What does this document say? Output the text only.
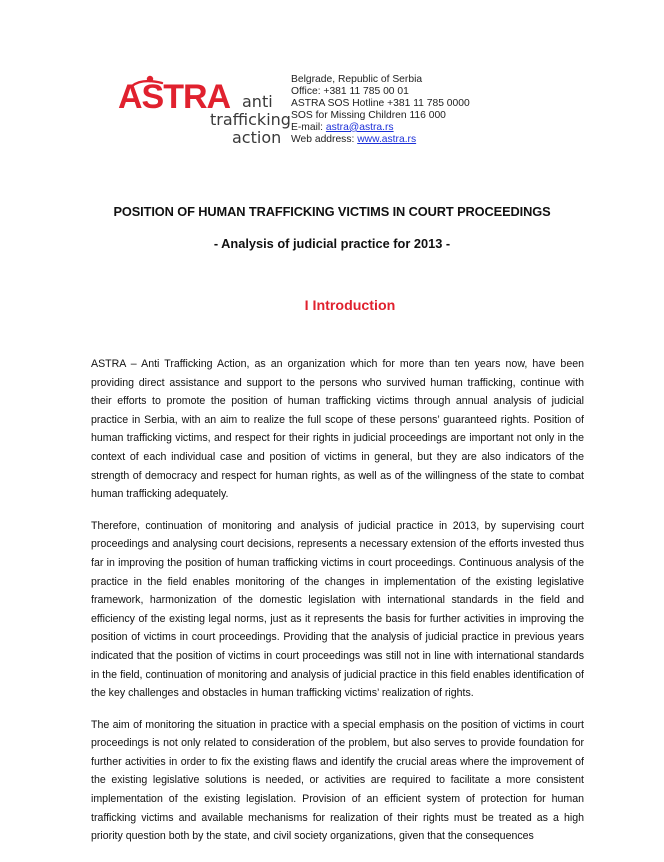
ASTRA anti
trafficking
action
Belgrade, Republic of Serbia
Office: +381 11 785 00 01
ASTRA SOS Hotline +381 11 785 0000
SOS for Missing Children 116 000
E-mail: astra@astra.rs
Web address: www.astra.rs
POSITION OF HUMAN TRAFFICKING VICTIMS IN COURT PROCEEDINGS
- Analysis of judicial practice for 2013 -
I Introduction

ASTRA – Anti Trafficking Action, as an organization which for more than ten years now, have been providing direct assistance and support to the persons who survived human trafficking, continue with their efforts to promote the position of human trafficking victims through annual analysis of judicial practice in Serbia, with an aim to realize the full scope of these persons’ guaranteed rights. Position of human trafficking victims, and respect for their rights in judicial proceedings are important not only in the context of each individual case and position of victims in general, but they are also indicators of the strength of democracy and respect for human rights, as well as of the willingness of the state to combat human trafficking adequately.

Therefore, continuation of monitoring and analysis of judicial practice in 2013, by supervising court proceedings and analysing court decisions, represents a necessary extension of the efforts invested thus far in improving the position of human trafficking victims in court proceedings. Continuous analysis of the practice in the field enables monitoring of the changes in implementation of the existing legislative framework, harmonization of the domestic legislation with international standards in the field and efficiency of the existing legal norms, just as it represents the basis for further activities in improving the position of victims in court proceedings. Providing that the analysis of judicial practice in previous years indicated that the position of victims in court proceedings was still not in line with international standards in the field, continuation of monitoring and analysis of judicial practice in this field enables identification of the key challenges and obstacles in human trafficking victims’ realization of rights.

The aim of monitoring the situation in practice with a special emphasis on the position of victims in court proceedings is not only related to consideration of the problem, but also serves to provide foundation for further activities in order to fix the existing flaws and identify the crucial areas where the improvement of the existing legislative solutions is needed, or activities are required to facilitate a more consistent implementation of the existing legislation. Provision of an efficient system of protection for human trafficking victims and available mechanisms for realization of their rights must be treated as a high priority question both by the state, and civil society organizations, given that the consequences
